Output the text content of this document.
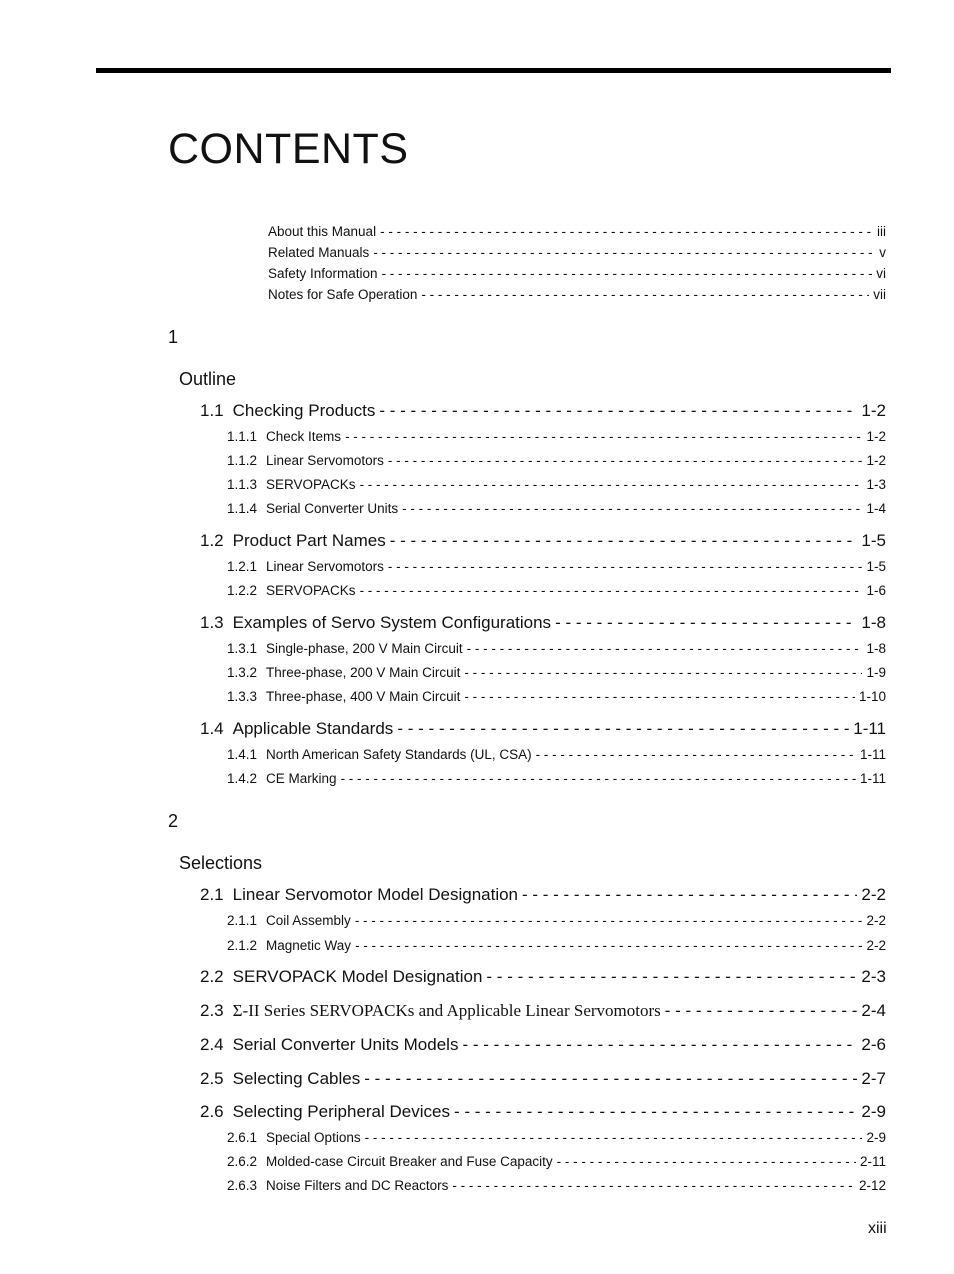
CONTENTS
About this Manual - - -	iii
Related Manuals - - -	v
Safety Information - - -	vi
Notes for Safe Operation - - -	vii
1
Outline
1.1 Checking Products - - -	1-2
1.1.1 Check Items - - -	1-2
1.1.2 Linear Servomotors - - -	1-2
1.1.3 SERVOPACKs - - -	1-3
1.1.4 Serial Converter Units - - -	1-4
1.2 Product Part Names - - -	1-5
1.2.1 Linear Servomotors - - -	1-5
1.2.2 SERVOPACKs - - -	1-6
1.3 Examples of Servo System Configurations - - -	1-8
1.3.1 Single-phase, 200 V Main Circuit - - -	1-8
1.3.2 Three-phase, 200 V Main Circuit - - -	1-9
1.3.3 Three-phase, 400 V Main Circuit - - -	1-10
1.4 Applicable Standards - - -	1-11
1.4.1 North American Safety Standards (UL, CSA) - - -	1-11
1.4.2 CE Marking - - -	1-11
2
Selections
2.1 Linear Servomotor Model Designation - - -	2-2
2.1.1 Coil Assembly - - -	2-2
2.1.2 Magnetic Way - - -	2-2
2.2 SERVOPACK Model Designation - - -	2-3
2.3 Σ-II Series SERVOPACKs and Applicable Linear Servomotors - - -	2-4
2.4 Serial Converter Units Models - - -	2-6
2.5 Selecting Cables - - -	2-7
2.6 Selecting Peripheral Devices - - -	2-9
2.6.1 Special Options - - -	2-9
2.6.2 Molded-case Circuit Breaker and Fuse Capacity - - -	2-11
2.6.3 Noise Filters and DC Reactors - - -	2-12
xiii
